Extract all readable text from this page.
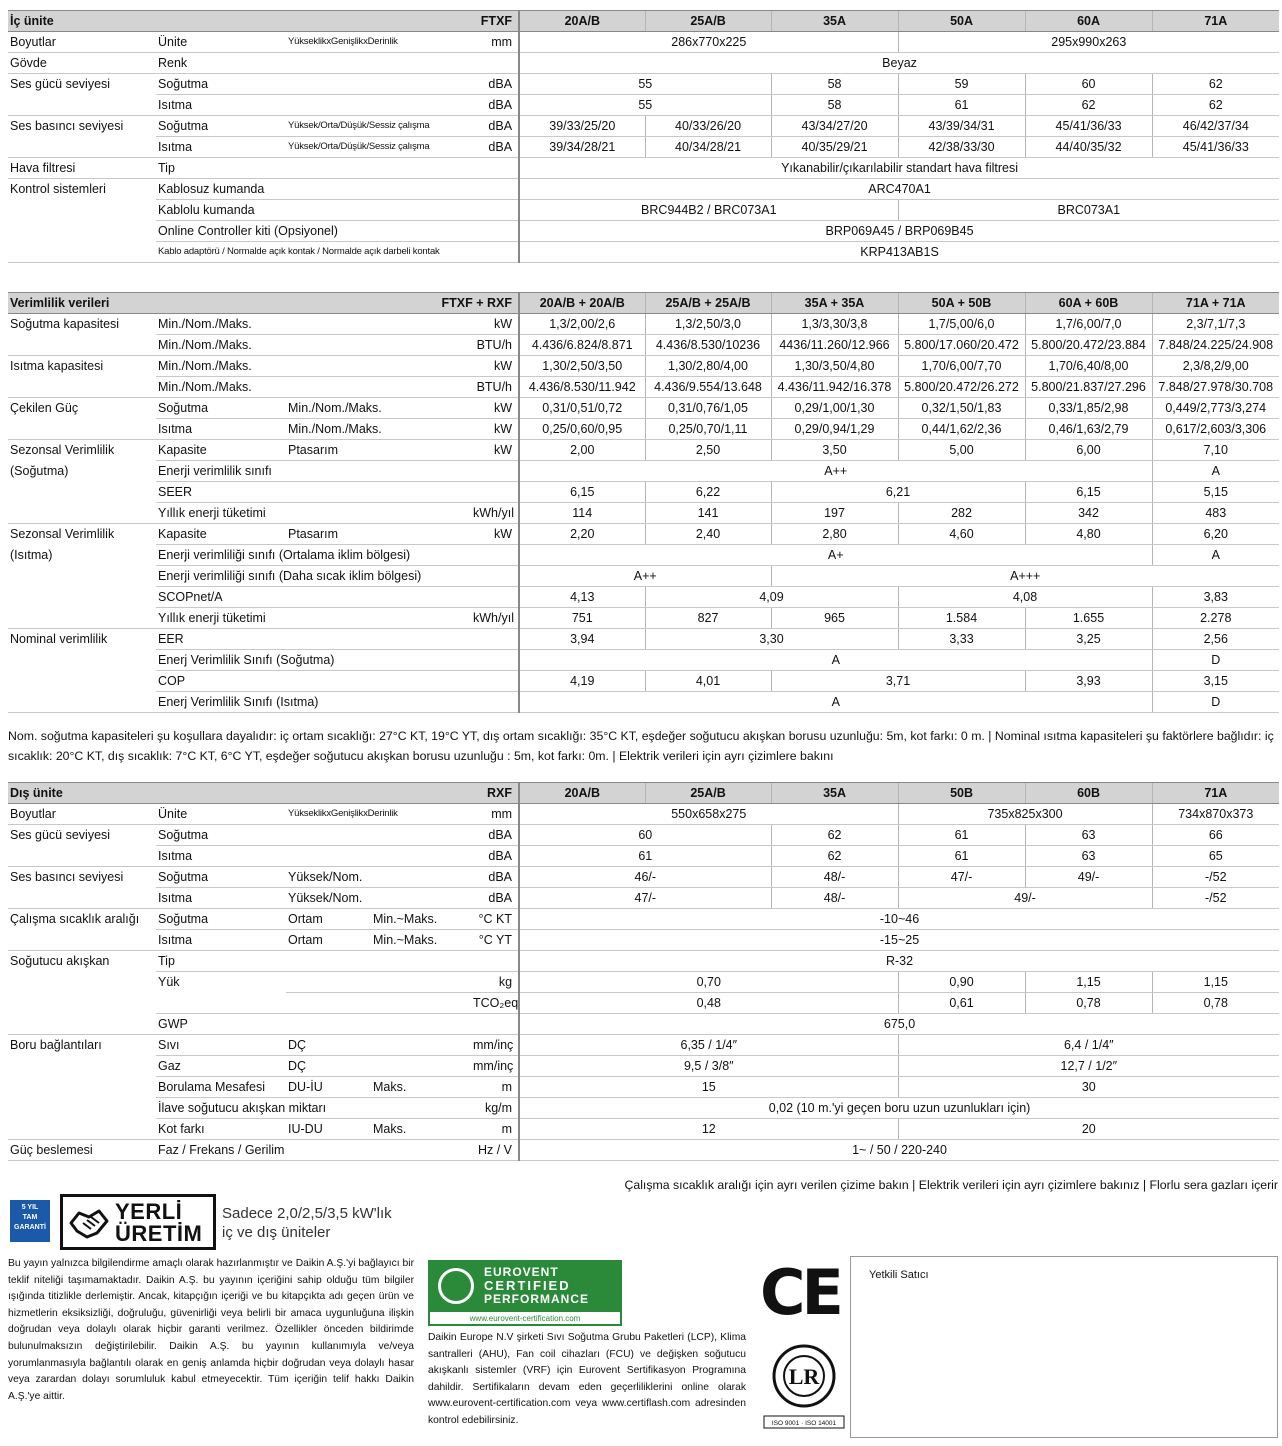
İç ünite		FTXF		20A/B	25A/B	35A	50A	60A	71A
Boyutlar	Ünite	YükseklikxGenişlikxDerinlik	mm	286x770x225			295x990x263		
Gövde	Renk			Beyaz					
Ses gücü seviyesi	Soğutma		dBA	55		58	59	60	62
	Isıtma		dBA	55		58	61	62	62
Ses basıncı seviyesi	Soğutma	Yüksek/Orta/Düşük/Sessiz çalışma	dBA	39/33/25/20	40/33/26/20	43/34/27/20	43/39/34/31	45/41/36/33	46/42/37/34
	Isıtma	Yüksek/Orta/Düşük/Sessiz çalışma	dBA	39/34/28/21	40/34/28/21	40/35/29/21	42/38/33/30	44/40/35/32	45/41/36/33
Hava filtresi	Tip			Yıkanabilir/çıkarılabilir standart hava filtresi					
Kontrol sistemleri	Kablosuz kumanda			ARC470A1					
	Kablolu kumanda			BRC944B2 / BRC073A1			BRC073A1		
	Online Controller kiti (Opsiyonel)			BRP069A45 / BRP069B45					
	Kablo adaptörü / Normalde açık kontak / Normalde açık darbeli kontak			KRP413AB1S					
Verimlilik verileri		FTXF + RXF		20A/B + 20A/B	25A/B + 25A/B	35A + 35A	50A + 50B	60A + 60B	71A + 71A
Soğutma kapasitesi	Min./Nom./Maks.		kW	1,3/2,00/2,6	1,3/2,50/3,0	1,3/3,30/3,8	1,7/5,00/6,0	1,7/6,00/7,0	2,3/7,1/7,3
	Min./Nom./Maks.		BTU/h	4.436/6.824/8.871	4.436/8.530/10236	4436/11.260/12.966	5.800/17.060/20.472	5.800/20.472/23.884	7.848/24.225/24.908
Isıtma kapasitesi	Min./Nom./Maks.		kW	1,30/2,50/3,50	1,30/2,80/4,00	1,30/3,50/4,80	1,70/6,00/7,70	1,70/6,40/8,00	2,3/8,2/9,00
	Min./Nom./Maks.		BTU/h	4.436/8.530/11.942	4.436/9.554/13.648	4.436/11.942/16.378	5.800/20.472/26.272	5.800/21.837/27.296	7.848/27.978/30.708
Çekilen Güç	Soğutma	Min./Nom./Maks.	kW	0,31/0,51/0,72	0,31/0,76/1,05	0,29/1,00/1,30	0,32/1,50/1,83	0,33/1,85/2,98	0,449/2,773/3,274
	Isıtma	Min./Nom./Maks.	kW	0,25/0,60/0,95	0,25/0,70/1,11	0,29/0,94/1,29	0,44/1,62/2,36	0,46/1,63/2,79	0,617/2,603/3,306
Sezonsal Verimlilik	Kapasite	Ptasarım	kW	2,00	2,50	3,50	5,00	6,00	7,10
(Soğutma)	Enerji verimlilik sınıfı			A++					A
	SEER			6,15	6,22	6,21		6,15	5,15
	Yıllık enerji tüketimi		kWh/yıl	114	141	197	282	342	483
Sezonsal Verimlilik	Kapasite	Ptasarım	kW	2,20	2,40	2,80	4,60	4,80	6,20
(Isıtma)	Enerji verimliliği sınıfı (Ortalama iklim bölgesi)			A+					A
	Enerji verimliliği sınıfı (Daha sıcak iklim bölgesi)			A++		A+++			
	SCOPnet/A			4,13	4,09		4,08		3,83
	Yıllık enerji tüketimi		kWh/yıl	751	827	965	1.584	1.655	2.278
Nominal verimlilik	EER			3,94	3,30		3,33	3,25	2,56
	Enerj Verimlilik Sınıfı (Soğutma)			A					D
	COP			4,19	4,01	3,71		3,93	3,15
	Enerj Verimlilik Sınıfı (Isıtma)			A					D
Nom. soğutma kapasiteleri şu koşullara dayalıdır: iç ortam sıcaklığı: 27°C KT, 19°C YT, dış ortam sıcaklığı: 35°C KT, eşdeğer soğutucu akışkan borusu uzunluğu: 5m, kot farkı: 0 m. | Nominal ısıtma kapasiteleri şu faktörlere bağlıdır: iç sıcaklık: 20°C KT, dış sıcaklık: 7°C KT, 6°C YT, eşdeğer soğutucu akışkan borusu uzunluğu : 5m, kot farkı: 0m. | Elektrik verileri için ayrı çizimlere bakını
Dış ünite		RXF			20A/B	25A/B	35A	50B	60B	71A
Boyutlar	Ünite	YükseklikxGenişlikxDerinlik		mm	550x658x275			735x825x300		734x870x373
Ses gücü seviyesi	Soğutma			dBA	60		62	61	63	66
	Isıtma			dBA	61		62	61	63	65
Ses basıncı seviyesi	Soğutma	Yüksek/Nom.		dBA	46/-		48/-	47/-	49/-	-/52
	Isıtma	Yüksek/Nom.		dBA	47/-		48/-	49/-		-/52
Çalışma sıcaklık aralığı	Soğutma	Ortam	Min.~Maks.	°C KT	-10~46					
	Isıtma	Ortam	Min.~Maks.	°C YT	-15~25					
Soğutucu akışkan	Tip				R-32					
	Yük			kg	0,70			0,90	1,15	1,15
				TCO₂eq	0,48			0,61	0,78	0,78
	GWP				675,0					
Boru bağlantıları	Sıvı	DÇ		mm/inç	6,35 / 1/4″			6,4 / 1/4″		
	Gaz	DÇ		mm/inç	9,5 / 3/8″			12,7 / 1/2″		
	Borulama Mesafesi	DU-İU	Maks.	m	15			30		
	İlave soğutucu akışkan miktarı			kg/m	0,02 (10 m.'yi geçen boru uzun uzunlukları için)					
	Kot farkı	IU-DU	Maks.	m	12			20		
Güç beslemesi	Faz / Frekans / Gerilim			Hz / V	1~ / 50 / 220-240					
Çalışma sıcaklık aralığı için ayrı verilen çizime bakın | Elektrik verileri için ayrı çizimlere bakınız | Florlu sera gazları içerir
5 YIL
TAM
GARANTİ
YERLİ
ÜRETİM
Sadece 2,0/2,5/3,5 kW'lık
iç ve dış üniteler
Bu yayın yalnızca bilgilendirme amaçlı olarak hazırlanmıştır ve Daikin A.Ş.'yi bağlayıcı bir teklif niteliği taşımamaktadır. Daikin A.Ş. bu yayının içeriğini sahip olduğu tüm bilgiler ışığında titizlikle derlemiştir. Ancak, kitapçığın içeriği ve bu kitapçıkta adı geçen ürün ve hizmetlerin eksiksizliği, doğruluğu, güvenirliği veya belirli bir amaca uygunluğuna ilişkin doğrudan veya dolaylı olarak hiçbir garanti verilmez. Özellikler önceden bildirimde bulunulmaksızın değiştirilebilir. Daikin A.Ş. bu yayının kullanımıyla ve/veya yorumlanmasıyla bağlantılı olarak en geniş anlamda hiçbir doğrudan veya dolaylı hasar veya zarardan dolayı sorumluluk kabul etmeyecektir. Tüm içeriğin telif hakkı Daikin A.Ş.'ye aittir.
EUROVENT
CERTIFIED
PERFORMANCE
www.eurovent-certification.com
Daikin Europe N.V şirketi Sıvı Soğutma Grubu Paketleri (LCP), Klima santralleri (AHU), Fan coil cihazları (FCU) ve değişken soğutucu akışkanlı sistemler (VRF) için Eurovent Sertifikasyon Programına dahildir. Sertifikaların devam eden geçerliliklerini online olarak www.eurovent-certification.com veya www.certiflash.com adresinden kontrol edebilirsiniz.
CE
LR
ISO 9001 · ISO 14001
Yetkili Satıcı
